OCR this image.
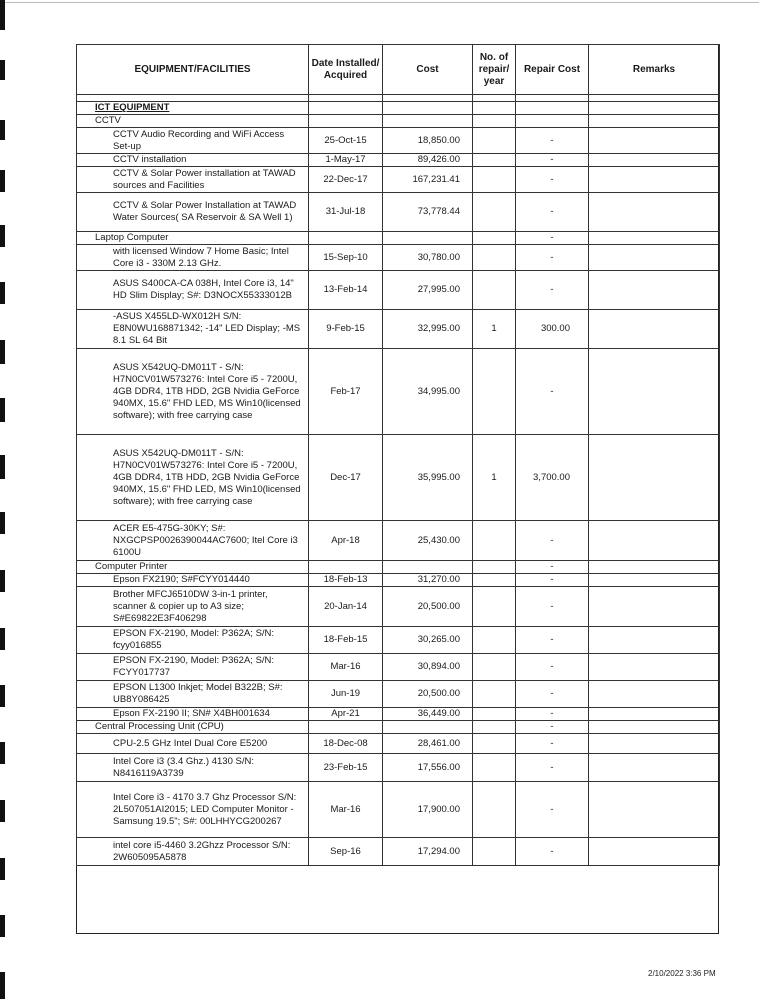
EQUIPMENT/FACILITIES	Date Installed/ Acquired	Cost	No. of repair/ year	Repair Cost	Remarks

ICT EQUIPMENT					
CCTV					
CCTV Audio Recording and WiFi Access Set-up	25-Oct-15	18,850.00		-	
CCTV installation	1-May-17	89,426.00		-	
CCTV & Solar Power installation at TAWAD sources and Facilities	22-Dec-17	167,231.41		-	
CCTV & Solar Power Installation at TAWAD Water Sources( SA Reservoir & SA Well 1)	31-Jul-18	73,778.44		-	
Laptop Computer				-	
with licensed Window 7 Home Basic; Intel Core i3 - 330M 2.13 GHz.	15-Sep-10	30,780.00		-	
ASUS S400CA-CA 038H, Intel Core i3, 14" HD Slim Display; S#: D3NOCX55333012B	13-Feb-14	27,995.00		-	
-ASUS X455LD-WX012H S/N: E8N0WU168871342; -14" LED Display; -MS 8.1 SL 64 Bit	9-Feb-15	32,995.00	1	300.00	
ASUS X542UQ-DM011T - S/N: H7N0CV01W573276: Intel Core i5 - 7200U, 4GB DDR4, 1TB HDD, 2GB Nvidia GeForce 940MX, 15.6" FHD LED, MS Win10(licensed software); with free carrying case	Feb-17	34,995.00		-	
ASUS X542UQ-DM011T - S/N: H7N0CV01W573276: Intel Core i5 - 7200U, 4GB DDR4, 1TB HDD, 2GB Nvidia GeForce 940MX, 15.6" FHD LED, MS Win10(licensed software); with free carrying case	Dec-17	35,995.00	1	3,700.00	
ACER E5-475G-30KY; S#: NXGCPSP0026390044AC7600; Itel Core i3 6100U	Apr-18	25,430.00		-	
Computer Printer				-	
Epson FX2190; S#FCYY014440	18-Feb-13	31,270.00		-	
Brother MFCJ6510DW 3-in-1 printer, scanner & copier up to A3 size; S#E69822E3F406298	20-Jan-14	20,500.00		-	
EPSON FX-2190, Model: P362A; S/N: fcyy016855	18-Feb-15	30,265.00		-	
EPSON FX-2190, Model: P362A; S/N: FCYY017737	Mar-16	30,894.00		-	
EPSON L1300 Inkjet; Model B322B; S#: UB8Y086425	Jun-19	20,500.00		-	
Epson FX-2190 II; SN# X4BH001634	Apr-21	36,449.00		-	
Central Processing Unit (CPU)				-	
CPU-2.5 GHz Intel Dual Core E5200	18-Dec-08	28,461.00		-	
Intel Core i3 (3.4 Ghz.) 4130 S/N: N8416119A3739	23-Feb-15	17,556.00		-	
Intel Core i3 - 4170 3.7 Ghz Processor S/N: 2L507051AI2015; LED Computer Monitor - Samsung 19.5"; S#: 00LHHYCG200267	Mar-16	17,900.00		-	
intel core i5-4460 3.2Ghzz Processor S/N: 2W605095A5878	Sep-16	17,294.00		-	
2/10/2022 3:36 PM
